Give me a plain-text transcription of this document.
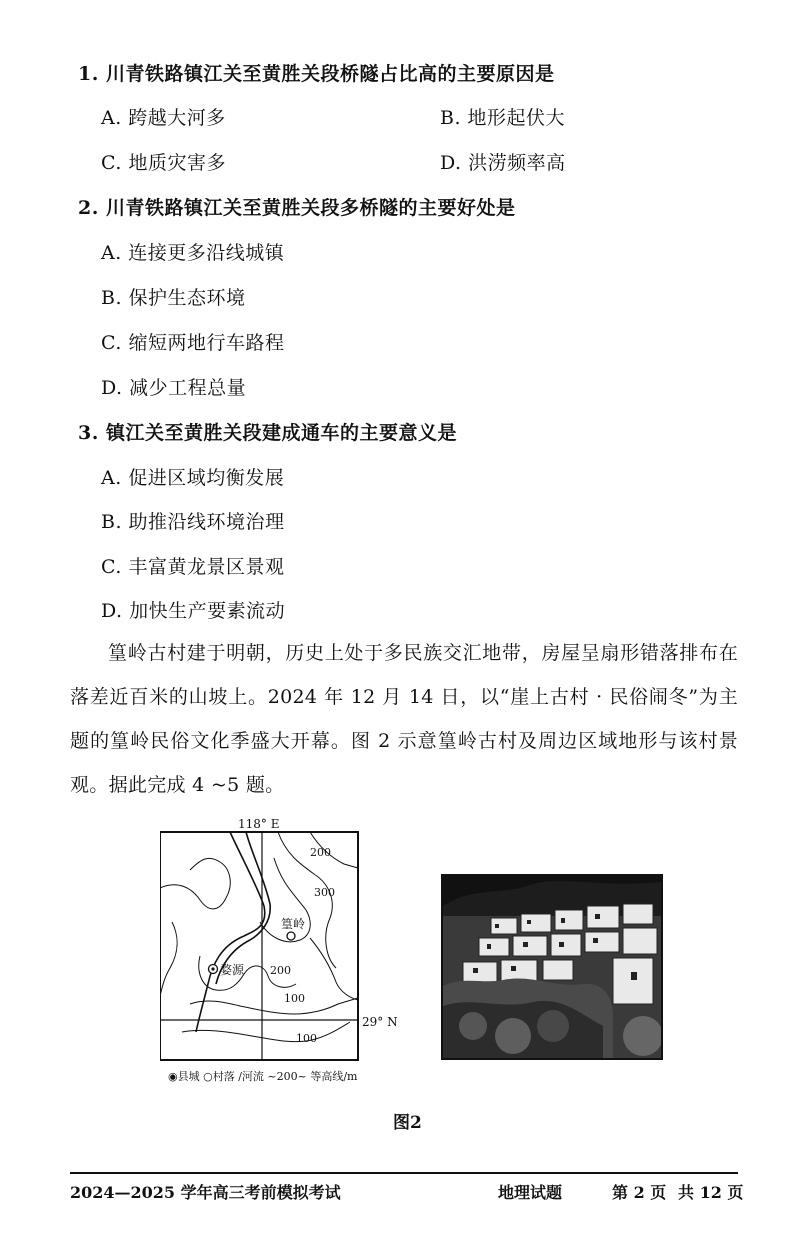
1. 川青铁路镇江关至黄胜关段桥隧占比高的主要原因是
A. 跨越大河多	B. 地形起伏大
C. 地质灾害多	D. 洪涝频率高
2. 川青铁路镇江关至黄胜关段多桥隧的主要好处是
A. 连接更多沿线城镇
B. 保护生态环境
C. 缩短两地行车路程
D. 减少工程总量
3. 镇江关至黄胜关段建成通车的主要意义是
A. 促进区域均衡发展
B. 助推沿线环境治理
C. 丰富黄龙景区景观
D. 加快生产要素流动
篁岭古村建于明朝，历史上处于多民族交汇地带，房屋呈扇形错落排布在落差近百米的山坡上。2024 年 12 月 14 日，以“崖上古村 · 民俗闹冬”为主题的篁岭民俗文化季盛大开幕。图 2 示意篁岭古村及周边区域地形与该村景观。据此完成 4 ~5 题。
118° E
29° N
200
300
200
100
100
篁岭
婺源
◉县城 ○村落 ∕河流 ~200~ 等高线/m
图2
2024—2025 学年高三考前模拟考试	地理试题	第 2 页 共 12 页
